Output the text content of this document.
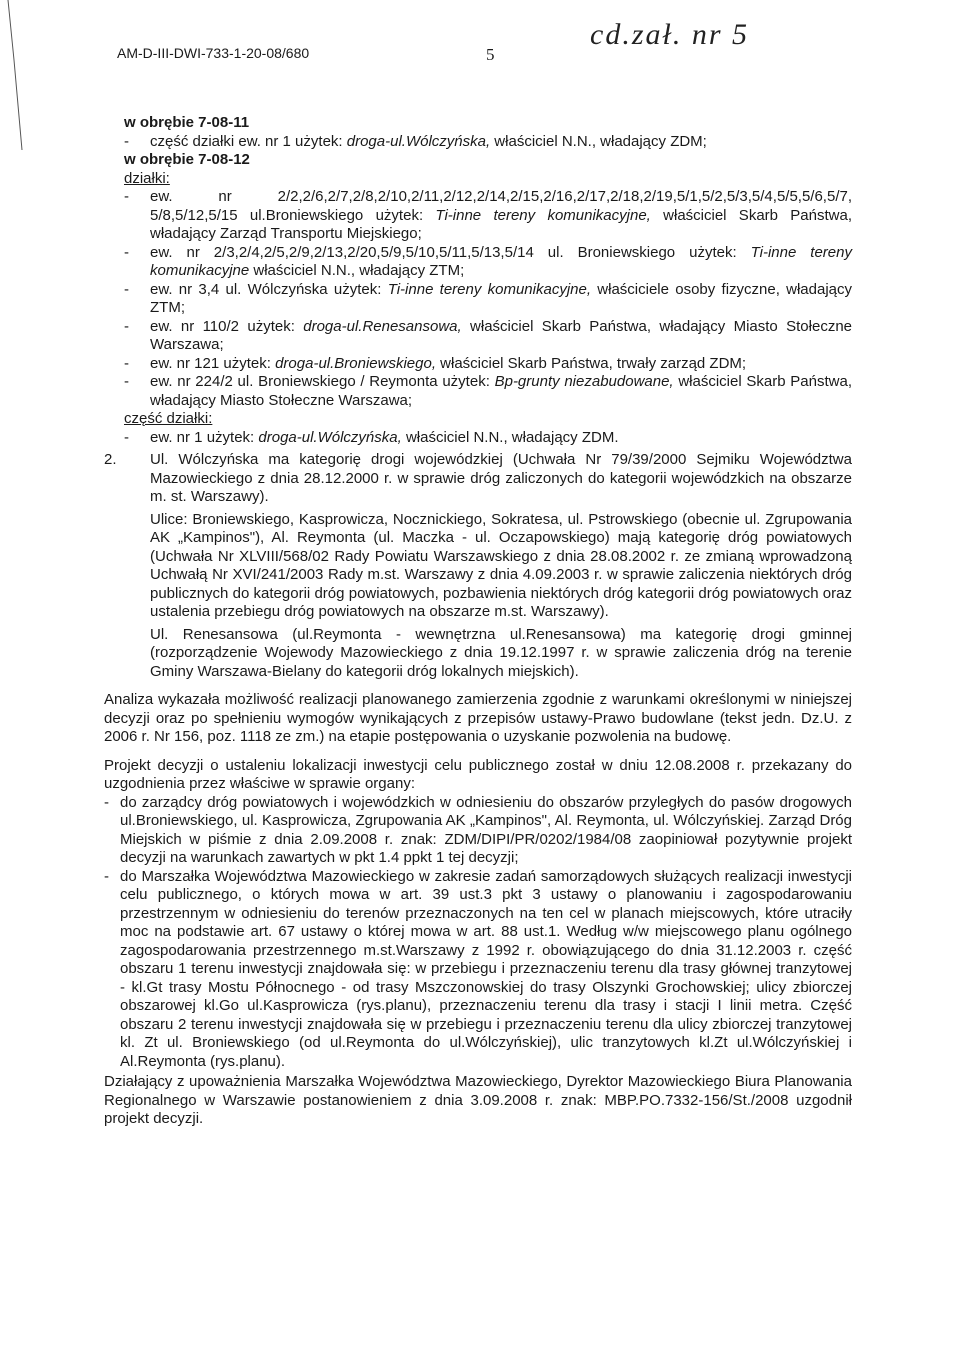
AM-D-III-DWI-733-1-20-08/680	5
cd.zał. nr 5
w obrębie 7-08-11
- część działki ew. nr 1 użytek: droga-ul.Wólczyńska, właściciel N.N., władający ZDM;
w obrębie 7-08-12
działki:
- ew. nr 2/2,2/6,2/7,2/8,2/10,2/11,2/12,2/14,2/15,2/16,2/17,2/18,2/19,5/1,5/2,5/3,5/4,5/5,5/6,5/7, 5/8,5/12,5/15 ul.Broniewskiego użytek: Ti-inne tereny komunikacyjne, właściciel Skarb Państwa, władający Zarząd Transportu Miejskiego;
- ew. nr 2/3,2/4,2/5,2/9,2/13,2/20,5/9,5/10,5/11,5/13,5/14 ul. Broniewskiego użytek: Ti-inne tereny komunikacyjne właściciel N.N., władający ZTM;
- ew. nr 3,4 ul. Wólczyńska użytek: Ti-inne tereny komunikacyjne, właściciele osoby fizyczne, władający ZTM;
- ew. nr 110/2 użytek: droga-ul.Renesansowa, właściciel Skarb Państwa, władający Miasto Stołeczne Warszawa;
- ew. nr 121 użytek: droga-ul.Broniewskiego, właściciel Skarb Państwa, trwały zarząd ZDM;
- ew. nr 224/2 ul. Broniewskiego / Reymonta użytek: Bp-grunty niezabudowane, właściciel Skarb Państwa, władający Miasto Stołeczne Warszawa;
część działki:
- ew. nr 1 użytek: droga-ul.Wólczyńska, właściciel N.N., władający ZDM.
2. Ul. Wólczyńska ma kategorię drogi wojewódzkiej (Uchwała Nr 79/39/2000 Sejmiku Województwa Mazowieckiego z dnia 28.12.2000 r. w sprawie dróg zaliczonych do kategorii wojewódzkich na obszarze m. st. Warszawy).
Ulice: Broniewskiego, Kasprowicza, Nocznickiego, Sokratesa, ul. Pstrowskiego (obecnie ul. Zgrupowania AK „Kampinos"), Al. Reymonta (ul. Maczka - ul. Oczapowskiego) mają kategorię dróg powiatowych (Uchwała Nr XLVIII/568/02 Rady Powiatu Warszawskiego z dnia 28.08.2002 r. ze zmianą wprowadzoną Uchwałą Nr XVI/241/2003 Rady m.st. Warszawy z dnia 4.09.2003 r. w sprawie zaliczenia niektórych dróg publicznych do kategorii dróg powiatowych, pozbawienia niektórych dróg kategorii dróg powiatowych oraz ustalenia przebiegu dróg powiatowych na obszarze m.st. Warszawy).
Ul. Renesansowa (ul.Reymonta - wewnętrzna ul.Renesansowa) ma kategorię drogi gminnej (rozporządzenie Wojewody Mazowieckiego z dnia 19.12.1997 r. w sprawie zaliczenia dróg na terenie Gminy Warszawa-Bielany do kategorii dróg lokalnych miejskich).
Analiza wykazała możliwość realizacji planowanego zamierzenia zgodnie z warunkami określonymi w niniejszej decyzji oraz po spełnieniu wymogów wynikających z przepisów ustawy-Prawo budowlane (tekst jedn. Dz.U. z 2006 r. Nr 156, poz. 1118 ze zm.) na etapie postępowania o uzyskanie pozwolenia na budowę.
Projekt decyzji o ustaleniu lokalizacji inwestycji celu publicznego został w dniu 12.08.2008 r. przekazany do uzgodnienia przez właściwe w sprawie organy:
- do zarządcy dróg powiatowych i wojewódzkich w odniesieniu do obszarów przyległych do pasów drogowych ul.Broniewskiego, ul. Kasprowicza, Zgrupowania AK „Kampinos", Al. Reymonta, ul. Wólczyńskiej. Zarząd Dróg Miejskich w piśmie z dnia 2.09.2008 r. znak: ZDM/DIPI/PR/0202/1984/08 zaopiniował pozytywnie projekt decyzji na warunkach zawartych w pkt 1.4 ppkt 1 tej decyzji;
- do Marszałka Województwa Mazowieckiego w zakresie zadań samorządowych służących realizacji inwestycji celu publicznego, o których mowa w art. 39 ust.3 pkt 3 ustawy o planowaniu i zagospodarowaniu przestrzennym w odniesieniu do terenów przeznaczonych na ten cel w planach miejscowych, które utraciły moc na podstawie art. 67 ustawy o której mowa w art. 88 ust.1. Według w/w miejscowego planu ogólnego zagospodarowania przestrzennego m.st.Warszawy z 1992 r. obowiązującego do dnia 31.12.2003 r. część obszaru 1 terenu inwestycji znajdowała się: w przebiegu i przeznaczeniu terenu dla trasy głównej tranzytowej - kl.Gt trasy Mostu Północnego - od trasy Mszczonowskiej do trasy Olszynki Grochowskiej; ulicy zbiorczej obszarowej kl.Go ul.Kasprowicza (rys.planu), przeznaczeniu terenu dla trasy i stacji I linii metra. Część obszaru 2 terenu inwestycji znajdowała się w przebiegu i przeznaczeniu terenu dla ulicy zbiorczej tranzytowej kl. Zt ul. Broniewskiego (od ul.Reymonta do ul.Wólczyńskiej), ulic tranzytowych kl.Zt ul.Wólczyńskiej i Al.Reymonta (rys.planu).
Działający z upoważnienia Marszałka Województwa Mazowieckiego, Dyrektor Mazowieckiego Biura Planowania Regionalnego w Warszawie postanowieniem z dnia 3.09.2008 r. znak: MBP.PO.7332-156/St./2008 uzgodnił projekt decyzji.
